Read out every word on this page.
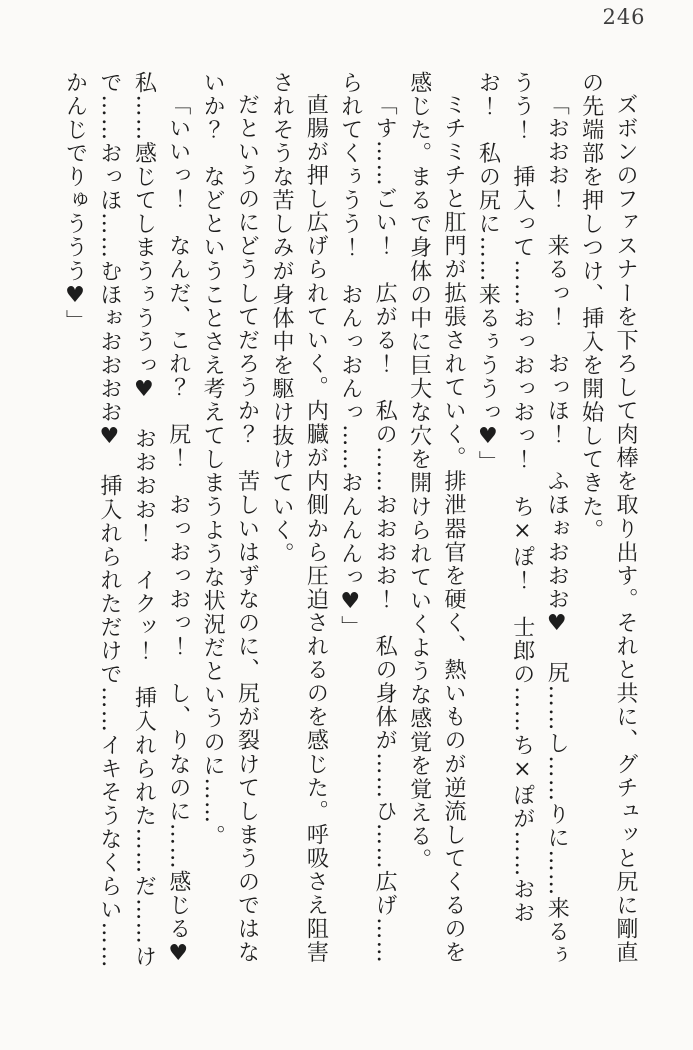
246

ズボンのファスナーを下ろして肉棒を取り出す。それと共に、グチュッと尻に剛直の先端部を押しつけ、挿入を開始してきた。

「おおお！　来るっ！　おっほ！　ふほぉおおお♥　尻……し……りに……来るぅうう！　挿入って……おっおっおっ！　ち×ぽ！　士郎の……ち×ぽが……おおお！　私の尻に……来るぅううっ♥」

ミチミチと肛門が拡張されていく。排泄器官を硬く、熱いものが逆流してくるのを感じた。まるで身体の中に巨大な穴を開けられていくような感覚を覚える。

「す……ごい！　広がる！　私の……おおおお！　私の身体が……ひ……広げ……られてくぅうう！　おんっおんっ……おんんんっ♥」

直腸が押し広げられていく。内臓が内側から圧迫されるのを感じた。呼吸さえ阻害されそうな苦しみが身体中を駆け抜けていく。

だというのにどうしてだろうか？　苦しいはずなのに、尻が裂けてしまうのではないか？　などということさえ考えてしまうような状況だというのに……。

「いいっ！　なんだ、これ？　尻！　おっおっおっ！　し、りなのに……感じる♥　私……感じてしまうぅううっ♥　おおおお！　イクッ！　挿入れられた……だ……けで……おっほ……むほぉおおおお♥　挿入れられただけで……イキそうなくらい……かんじでりゅううう♥」
